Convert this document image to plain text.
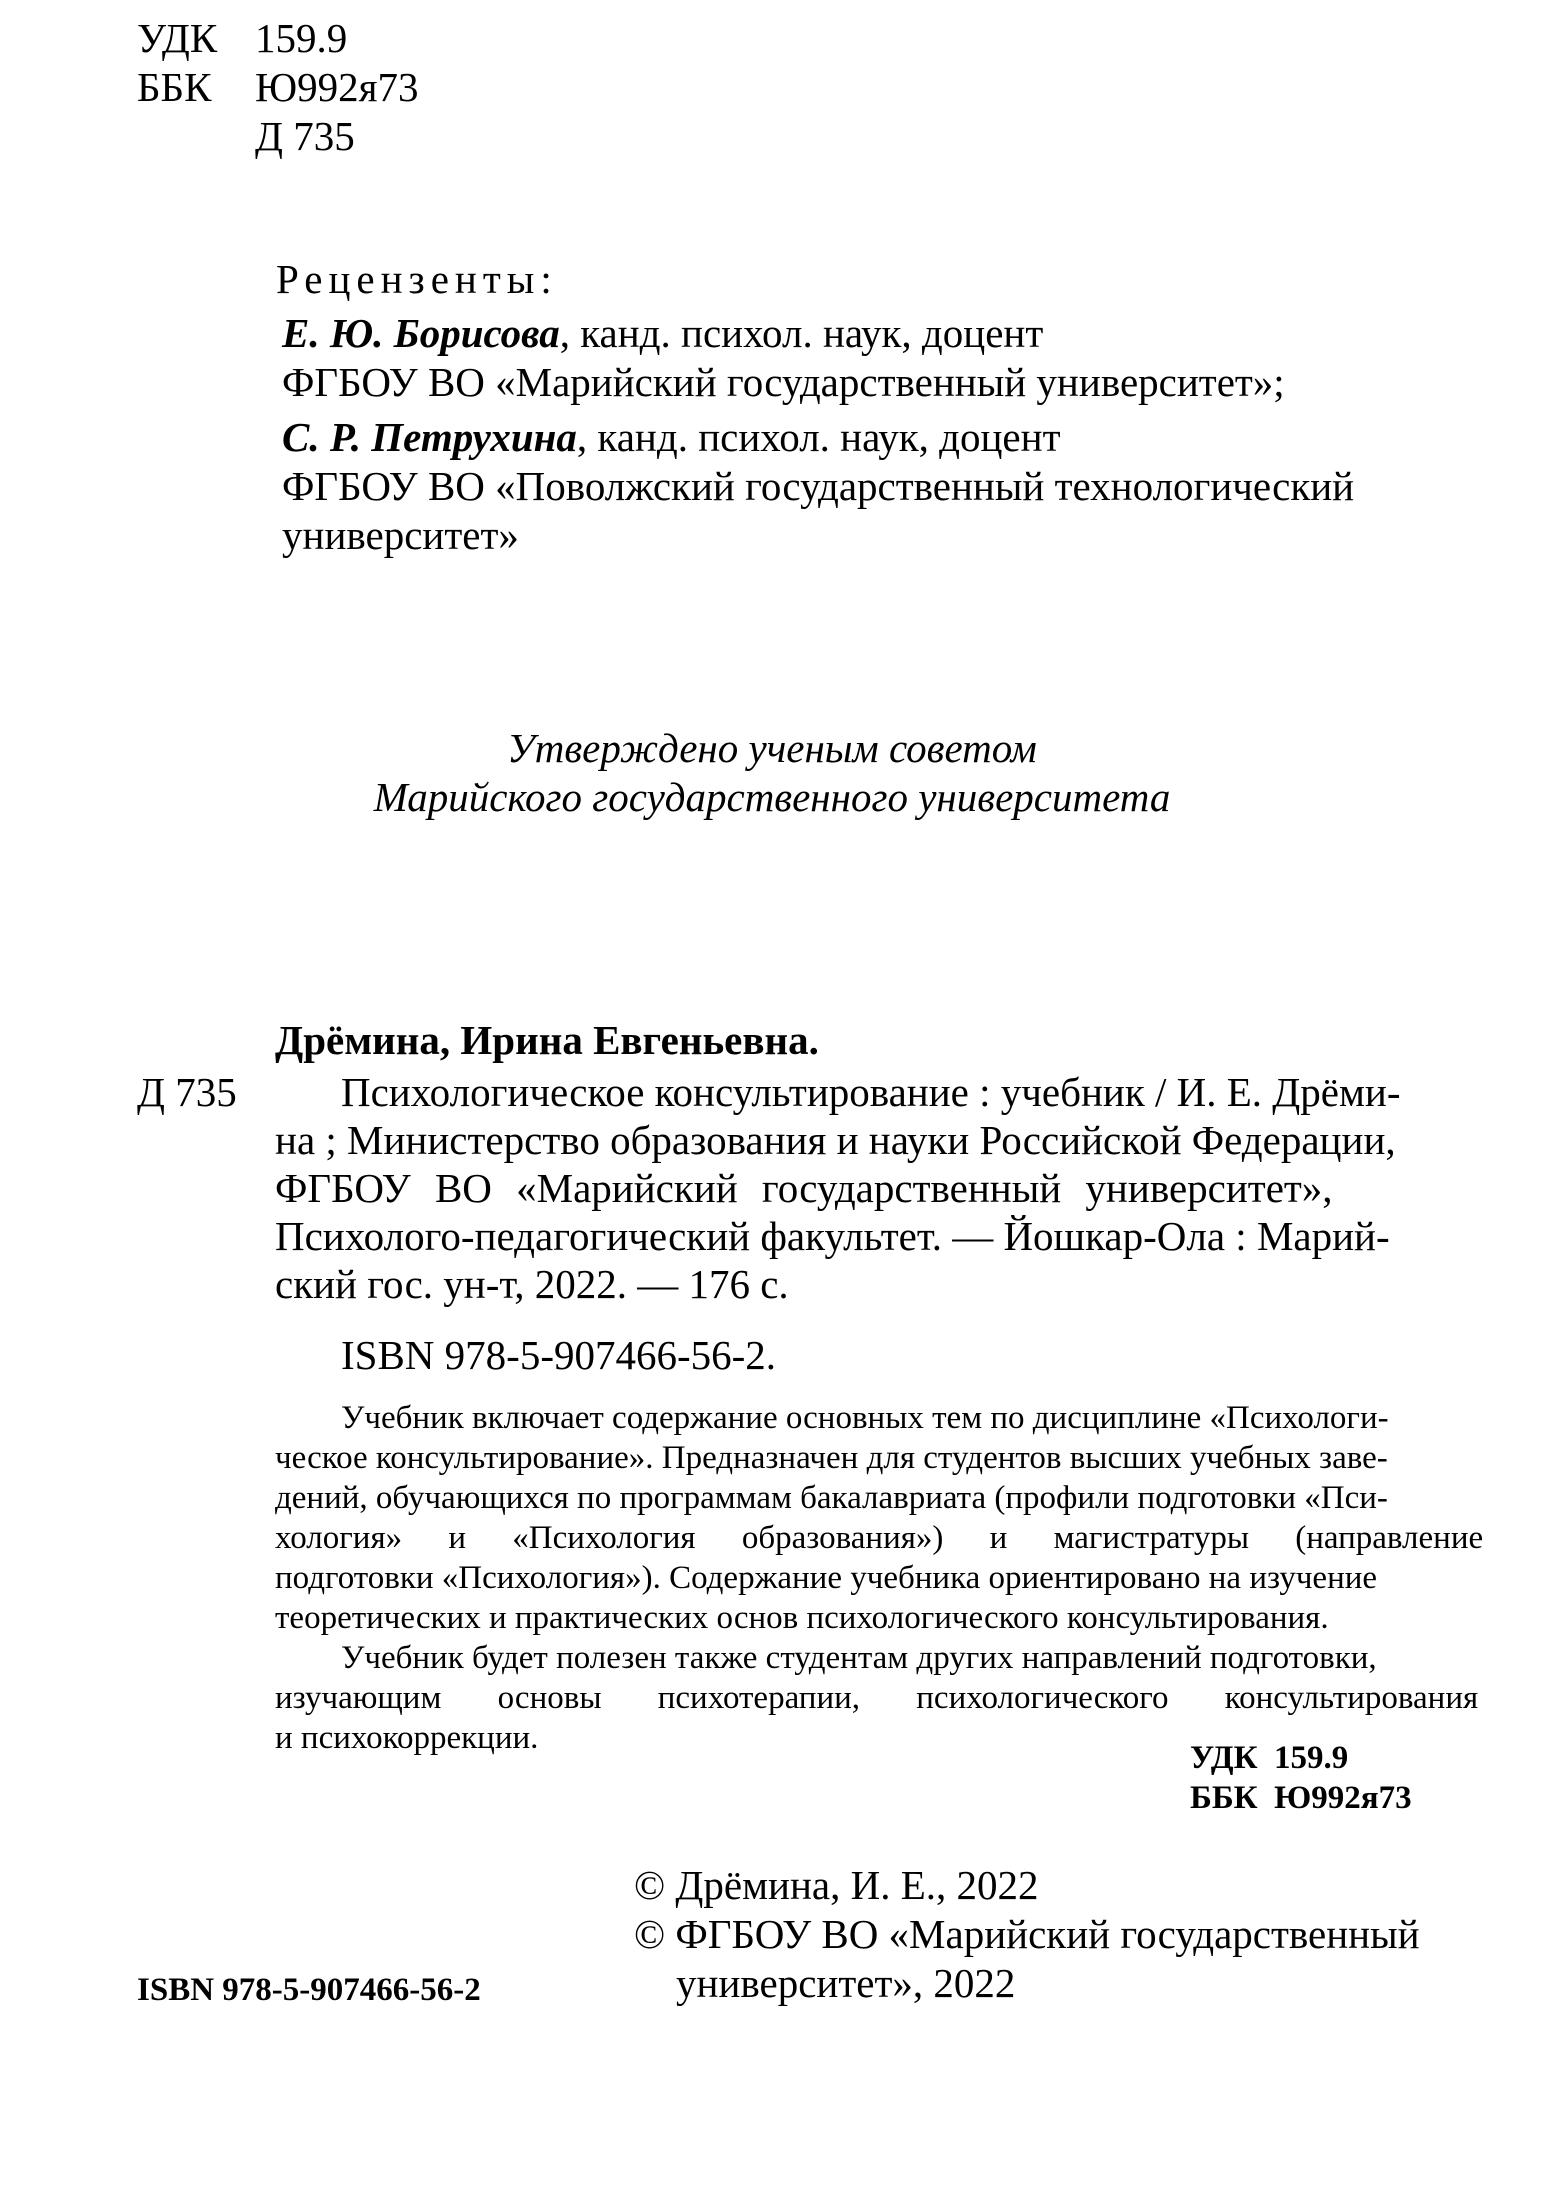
УДК 159.9
ББК Ю992я73
Д 735
Рецензенты:
Е. Ю. Борисова, канд. психол. наук, доцент
ФГБОУ ВО «Марийский государственный университет»;
С. Р. Петрухина, канд. психол. наук, доцент
ФГБОУ ВО «Поволжский государственный технологический
университет»
Утверждено ученым советом
Марийского государственного университета
Дрёмина, Ирина Евгеньевна.
Д 735	Психологическое консультирование : учебник / И. Е. Дрёми-
на ; Министерство образования и науки Российской Федерации,
ФГБОУ ВО «Марийский государственный университет»,
Психолого-педагогический факультет. — Йошкар-Ола : Марий-
ский гос. ун-т, 2022. — 176 с.
ISBN 978-5-907466-56-2.
Учебник включает содержание основных тем по дисциплине «Психологи-
ческое консультирование». Предназначен для студентов высших учебных заве-
дений, обучающихся по программам бакалавриата (профили подготовки «Пси-
хология» и «Психология образования») и магистратуры (направление
подготовки «Психология»). Содержание учебника ориентировано на изучение
теоретических и практических основ психологического консультирования.
Учебник будет полезен также студентам других направлений подготовки,
изучающим основы психотерапии, психологического консультирования
и психокоррекции.
УДК  159.9
ББК  Ю992я73
© Дрёмина, И. Е., 2022
© ФГБОУ ВО «Марийский государственный
университет», 2022
ISBN 978-5-907466-56-2
